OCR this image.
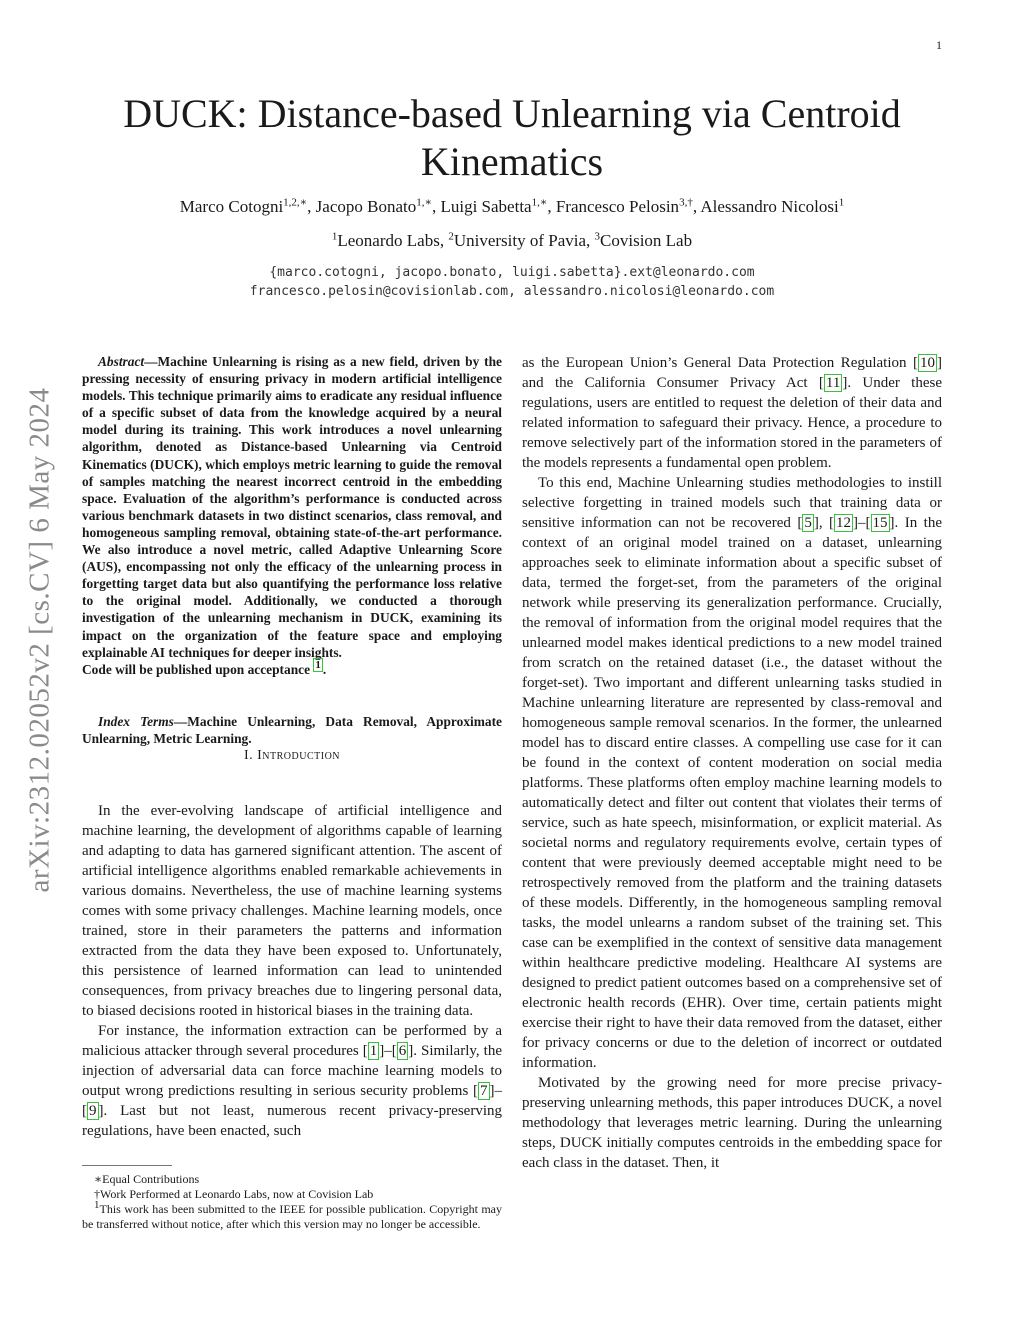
1
arXiv:2312.02052v2 [cs.CV] 6 May 2024
DUCK: Distance-based Unlearning via Centroid Kinematics
Marco Cotogni$^{1,2,∗}$, Jacopo Bonato$^{1,∗}$, Luigi Sabetta$^{1,∗}$, Francesco Pelosin$^{3,\dagger}$, Alessandro Nicolosi$^1$
$^1$Leonardo Labs, $^2$University of Pavia, $^3$Covision Lab
{marco.cotogni, jacopo.bonato, luigi.sabetta}.ext@leonardo.com
francesco.pelosin@covisionlab.com, alessandro.nicolosi@leonardo.com

Abstract—Machine Unlearning is rising as a new field, driven by the pressing necessity of ensuring privacy in modern artificial intelligence models. This technique primarily aims to eradicate any residual influence of a specific subset of data from the knowledge acquired by a neural model during its training. This work introduces a novel unlearning algorithm, denoted as Distance-based Unlearning via Centroid Kinematics (DUCK), which employs metric learning to guide the removal of samples matching the nearest incorrect centroid in the embedding space. Evaluation of the algorithm’s performance is conducted across various benchmark datasets in two distinct scenarios, class removal, and homogeneous sampling removal, obtaining state-of-the-art performance. We also introduce a novel metric, called Adaptive Unlearning Score (AUS), encompassing not only the efficacy of the unlearning process in forgetting target data but also quantifying the performance loss relative to the original model. Additionally, we conducted a thorough investigation of the unlearning mechanism in DUCK, examining its impact on the organization of the feature space and employing explainable AI techniques for deeper insights.

Code will be published upon acceptance $^1$ .

Index Terms—Machine Unlearning, Data Removal, Approximate Unlearning, Metric Learning.
I. Introduction

In the ever-evolving landscape of artificial intelligence and machine learning, the development of algorithms capable of learning and adapting to data has garnered significant attention. The ascent of artificial intelligence algorithms enabled remarkable achievements in various domains. Nevertheless, the use of machine learning systems comes with some privacy challenges. Machine learning models, once trained, store in their parameters the patterns and information extracted from the data they have been exposed to. Unfortunately, this persistence of learned information can lead to unintended consequences, from privacy breaches due to lingering personal data, to biased decisions rooted in historical biases in the training data.

For instance, the information extraction can be performed by a malicious attacker through several procedures [ 1 ]–[ 6 ]. Similarly, the injection of adversarial data can force machine learning models to output wrong predictions resulting in serious security problems [ 7 ]–[ 9 ]. Last but not least, numerous recent privacy-preserving regulations, have been enacted, such

∗Equal Contributions

†Work Performed at Leonardo Labs, now at Covision Lab

$^1$This work has been submitted to the IEEE for possible publication. Copyright may be transferred without notice, after which this version may no longer be accessible.

as the European Union’s General Data Protection Regulation [ 10 ] and the California Consumer Privacy Act [ 11 ]. Under these regulations, users are entitled to request the deletion of their data and related information to safeguard their privacy. Hence, a procedure to remove selectively part of the information stored in the parameters of the models represents a fundamental open problem.

To this end, Machine Unlearning studies methodologies to instill selective forgetting in trained models such that training data or sensitive information can not be recovered [ 5 ], [ 12 ]–[ 15 ]. In the context of an original model trained on a dataset, unlearning approaches seek to eliminate information about a specific subset of data, termed the forget-set, from the parameters of the original network while preserving its generalization performance. Crucially, the removal of information from the original model requires that the unlearned model makes identical predictions to a new model trained from scratch on the retained dataset (i.e., the dataset without the forget-set). Two important and different unlearning tasks studied in Machine unlearning literature are represented by class-removal and homogeneous sample removal scenarios. In the former, the unlearned model has to discard entire classes. A compelling use case for it can be found in the context of content moderation on social media platforms. These platforms often employ machine learning models to automatically detect and filter out content that violates their terms of service, such as hate speech, misinformation, or explicit material. As societal norms and regulatory requirements evolve, certain types of content that were previously deemed acceptable might need to be retrospectively removed from the platform and the training datasets of these models. Differently, in the homogeneous sampling removal tasks, the model unlearns a random subset of the training set. This case can be exemplified in the context of sensitive data management within healthcare predictive modeling. Healthcare AI systems are designed to predict patient outcomes based on a comprehensive set of electronic health records (EHR). Over time, certain patients might exercise their right to have their data removed from the dataset, either for privacy concerns or due to the deletion of incorrect or outdated information.

Motivated by the growing need for more precise privacy-preserving unlearning methods, this paper introduces DUCK, a novel methodology that leverages metric learning. During the unlearning steps, DUCK initially computes centroids in the embedding space for each class in the dataset. Then, it
